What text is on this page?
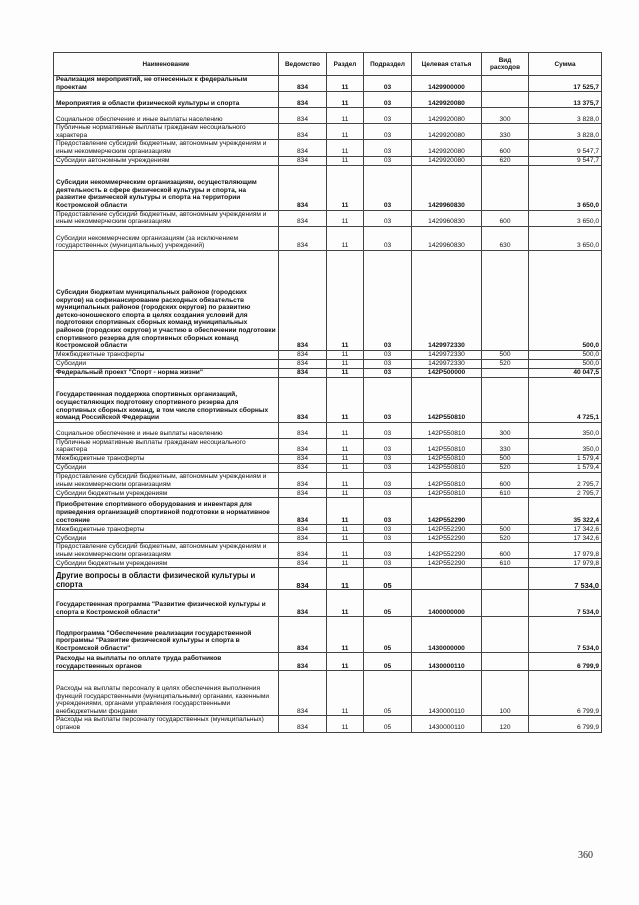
Наименование	Ведомство	Раздел	Подраздел	Целевая статья	Вид расходов	Сумма
Реализация мероприятий, не отнесенных к федеральным проектам	834	11	03	1429900000		17 525,7
Мероприятия в области физической культуры и спорта	834	11	03	1429920080		13 375,7
Социальное обеспечение и иные выплаты населению	834	11	03	1429920080	300	3 828,0
Публичные нормативные выплаты гражданам несоциального характера	834	11	03	1429920080	330	3 828,0
Предоставление субсидий бюджетным, автономным учреждениям и иным некоммерческим организациям	834	11	03	1429920080	600	9 547,7
Субсидии автономным учреждениям	834	11	03	1429920080	620	9 547,7
Субсидии некоммерческим организациям, осуществляющим деятельность в сфере физической культуры и спорта, на развитие физической культуры и спорта на территории Костромской области	834	11	03	1429960830		3 650,0
Предоставление субсидий бюджетным, автономным учреждениям и иным некоммерческим организациям	834	11	03	1429960830	600	3 650,0
Субсидии некоммерческим организациям (за исключением государственных (муниципальных) учреждений)	834	11	03	1429960830	630	3 650,0
Субсидии бюджетам муниципальных районов (городских округов) на софинансирование расходных обязательств муниципальных районов (городских округов) по развитию детско-юношеского спорта в целях создания условий для подготовки спортивных сборных команд муниципальных районов (городских округов) и участию в обеспечении подготовки спортивного резерва для спортивных сборных команд Костромской области	834	11	03	1429972330		500,0
Межбюджетные трансферты	834	11	03	1429972330	500	500,0
Субсидии	834	11	03	1429972330	520	500,0
Федеральный проект "Спорт - норма жизни"	834	11	03	142P500000		40 047,5
Государственная поддержка спортивных организаций, осуществляющих подготовку спортивного резерва для спортивных сборных команд, в том числе спортивных сборных команд Российской Федерации	834	11	03	142P550810		4 725,1
Социальное обеспечение и иные выплаты населению	834	11	03	142P550810	300	350,0
Публичные нормативные выплаты гражданам несоциального характера	834	11	03	142P550810	330	350,0
Межбюджетные трансферты	834	11	03	142P550810	500	1 579,4
Субсидии	834	11	03	142P550810	520	1 579,4
Предоставление субсидий бюджетным, автономным учреждениям и иным некоммерческим организациям	834	11	03	142P550810	600	2 795,7
Субсидии бюджетным учреждениям	834	11	03	142P550810	610	2 795,7
Приобретение спортивного оборудования и инвентаря для приведения организаций спортивной подготовки в нормативное состояние	834	11	03	142P552290		35 322,4
Межбюджетные трансферты	834	11	03	142P552290	500	17 342,6
Субсидии	834	11	03	142P552290	520	17 342,6
Предоставление субсидий бюджетным, автономным учреждениям и иным некоммерческим организациям	834	11	03	142P552290	600	17 979,8
Субсидии бюджетным учреждениям	834	11	03	142P552290	610	17 979,8
Другие вопросы в области физической культуры и спорта	834	11	05			7 534,0
Государственная программа "Развитие физической культуры и спорта в Костромской области"	834	11	05	1400000000		7 534,0
Подпрограмма "Обеспечение реализации государственной программы "Развитие физической культуры и спорта в Костромской области"	834	11	05	1430000000		7 534,0
Расходы на выплаты по оплате труда работников государственных органов	834	11	05	1430000110		6 799,9
Расходы на выплаты персоналу в целях обеспечения выполнения функций государственными (муниципальными) органами, казенными учреждениями, органами управления государственными внебюджетными фондами	834	11	05	1430000110	100	6 799,9
Расходы на выплаты персоналу государственных (муниципальных) органов	834	11	05	1430000110	120	6 799,9
360
